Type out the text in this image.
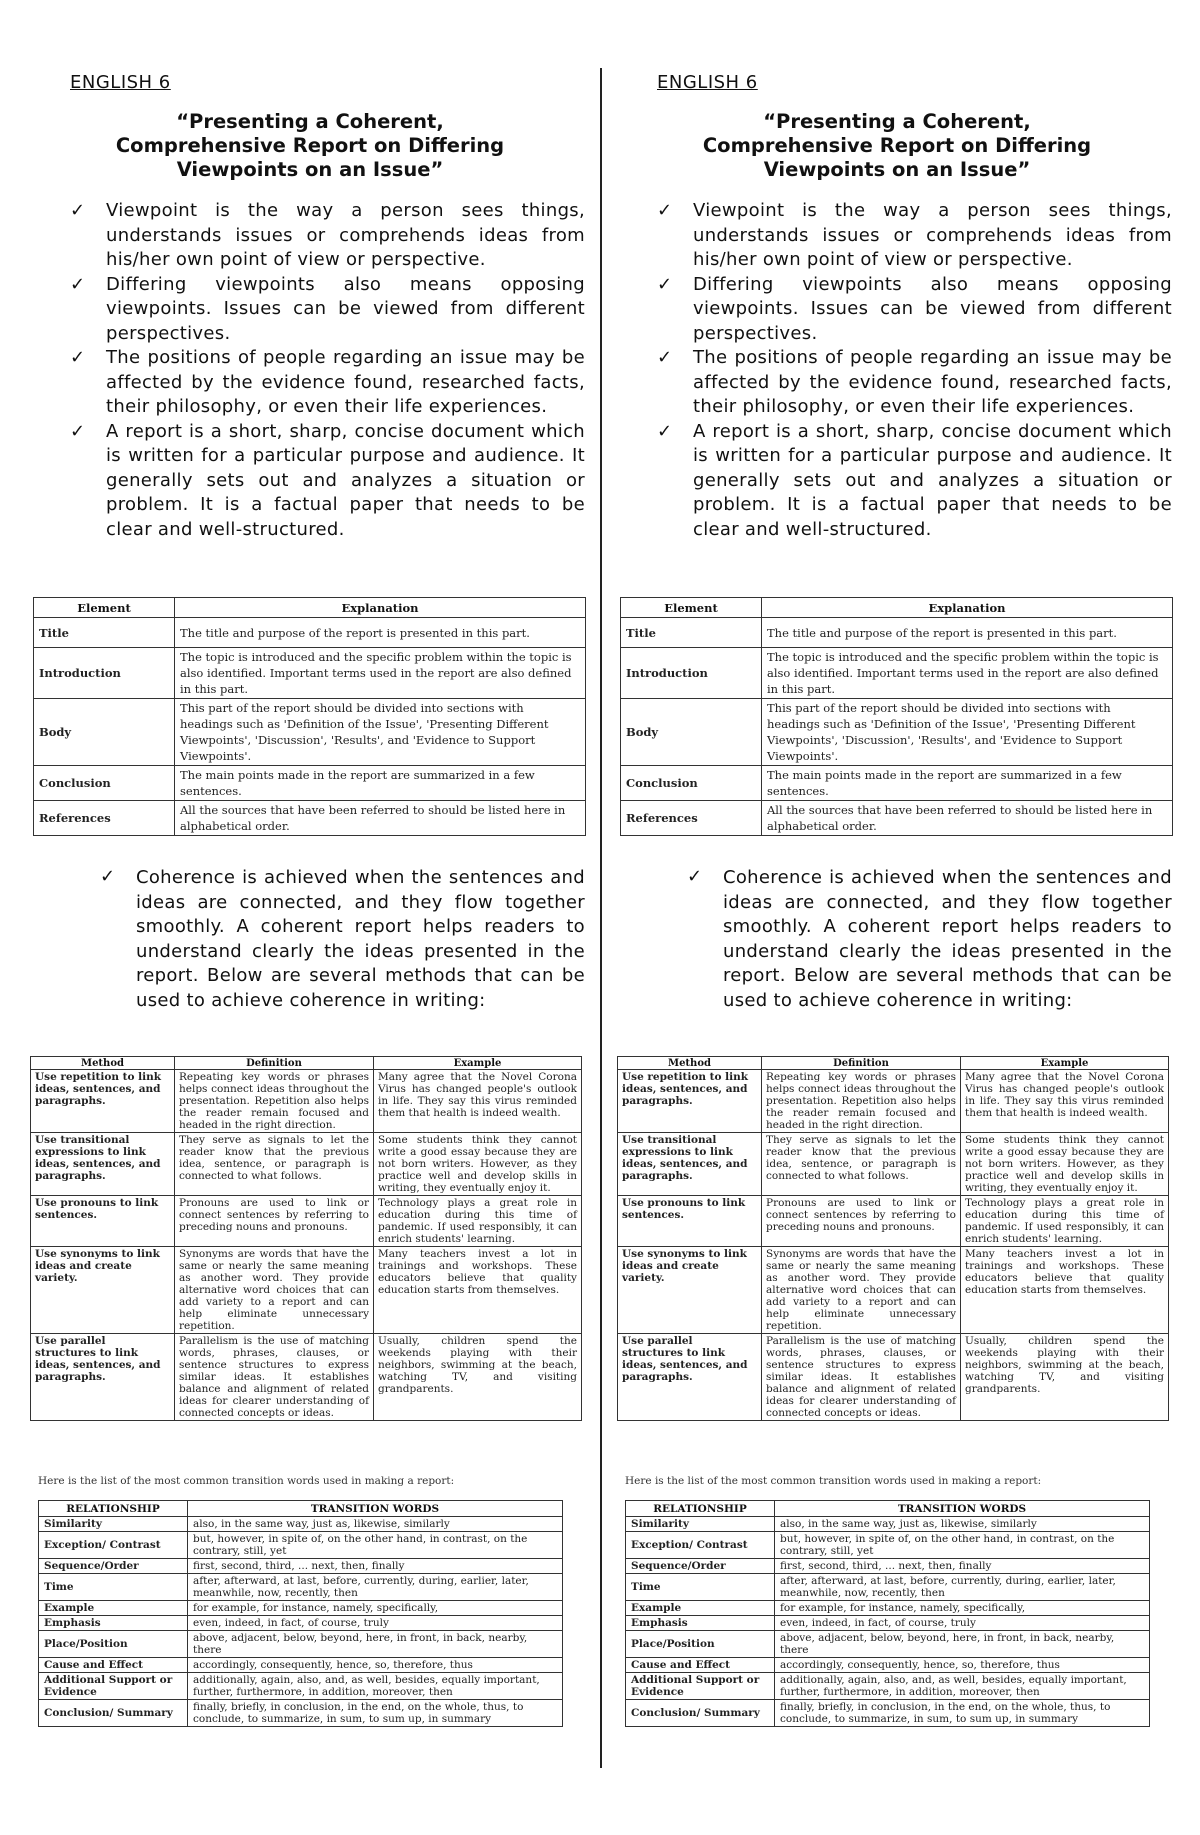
ENGLISH 6
“Presenting a Coherent, Comprehensive Report on Differing Viewpoints on an Issue”
✓ Viewpoint is the way a person sees things, understands issues or comprehends ideas from his/her own point of view or perspective.
✓ Differing viewpoints also means opposing viewpoints. Issues can be viewed from different perspectives.
✓ The positions of people regarding an issue may be affected by the evidence found, researched facts, their philosophy, or even their life experiences.
✓ A report is a short, sharp, concise document which is written for a particular purpose and audience. It generally sets out and analyzes a situation or problem. It is a factual paper that needs to be clear and well-structured.
Element	Explanation
Title	The title and purpose of the report is presented in this part.
Introduction	The topic is introduced and the specific problem within the topic is also identified. Important terms used in the report are also defined in this part.
Body	This part of the report should be divided into sections with headings such as 'Definition of the Issue', 'Presenting Different Viewpoints', 'Discussion', 'Results', and 'Evidence to Support Viewpoints'.
Conclusion	The main points made in the report are summarized in a few sentences.
References	All the sources that have been referred to should be listed here in alphabetical order.
✓	Coherence is achieved when the sentences and ideas are connected, and they flow together smoothly. A coherent report helps readers to understand clearly the ideas presented in the report. Below are several methods that can be used to achieve coherence in writing:

Method	Definition	Example
Use repetition to link ideas, sentences, and paragraphs.	Repeating key words or phrases helps connect ideas throughout the presentation. Repetition also helps the reader remain focused and headed in the right direction.	Many agree that the Novel Corona Virus has changed people's outlook in life. They say this virus reminded them that health is indeed wealth.
Use transitional expressions to link ideas, sentences, and paragraphs.	They serve as signals to let the reader know that the previous idea, sentence, or paragraph is connected to what follows.	Some students think they cannot write a good essay because they are not born writers. However, as they practice well and develop skills in writing, they eventually enjoy it.
Use pronouns to link sentences.	Pronouns are used to link or connect sentences by referring to preceding nouns and pronouns.	Technology plays a great role in education during this time of pandemic. If used responsibly, it can enrich students' learning.
Use synonyms to link ideas and create variety.	Synonyms are words that have the same or nearly the same meaning as another word. They provide alternative word choices that can add variety to a report and can help eliminate unnecessary repetition.	Many teachers invest a lot in trainings and workshops. These educators believe that quality education starts from themselves.
Use parallel structures to link ideas, sentences, and paragraphs.	Parallelism is the use of matching words, phrases, clauses, or sentence structures to express similar ideas. It establishes balance and alignment of related ideas for clearer understanding of connected concepts or ideas.	Usually, children spend the weekends playing with their neighbors, swimming at the beach, watching TV, and visiting grandparents.
Here is the list of the most common transition words used in making a report:
RELATIONSHIP	TRANSITION WORDS
Similarity	also, in the same way, just as, likewise, similarly
Exception/ Contrast	but, however, in spite of, on the other hand, in contrast, on the contrary, still, yet
Sequence/Order	first, second, third, ... next, then, finally
Time	after, afterward, at last, before, currently, during, earlier, later, meanwhile, now, recently, then
Example	for example, for instance, namely, specifically,
Emphasis	even, indeed, in fact, of course, truly
Place/Position	above, adjacent, below, beyond, here, in front, in back, nearby, there
Cause and Effect	accordingly, consequently, hence, so, therefore, thus
Additional Support or Evidence	additionally, again, also, and, as well, besides, equally important, further, furthermore, in addition, moreover, then
Conclusion/ Summary	finally, briefly, in conclusion, in the end, on the whole, thus, to conclude, to summarize, in sum, to sum up, in summary
ENGLISH 6
“Presenting a Coherent, Comprehensive Report on Differing Viewpoints on an Issue”
✓ Viewpoint is the way a person sees things, understands issues or comprehends ideas from his/her own point of view or perspective.
✓ Differing viewpoints also means opposing viewpoints. Issues can be viewed from different perspectives.
✓ The positions of people regarding an issue may be affected by the evidence found, researched facts, their philosophy, or even their life experiences.
✓ A report is a short, sharp, concise document which is written for a particular purpose and audience. It generally sets out and analyzes a situation or problem. It is a factual paper that needs to be clear and well-structured.
Element	Explanation
Title	The title and purpose of the report is presented in this part.
Introduction	The topic is introduced and the specific problem within the topic is also identified. Important terms used in the report are also defined in this part.
Body	This part of the report should be divided into sections with headings such as 'Definition of the Issue', 'Presenting Different Viewpoints', 'Discussion', 'Results', and 'Evidence to Support Viewpoints'.
Conclusion	The main points made in the report are summarized in a few sentences.
References	All the sources that have been referred to should be listed here in alphabetical order.
✓	Coherence is achieved when the sentences and ideas are connected, and they flow together smoothly. A coherent report helps readers to understand clearly the ideas presented in the report. Below are several methods that can be used to achieve coherence in writing:

Method	Definition	Example
Use repetition to link ideas, sentences, and paragraphs.	Repeating key words or phrases helps connect ideas throughout the presentation. Repetition also helps the reader remain focused and headed in the right direction.	Many agree that the Novel Corona Virus has changed people's outlook in life. They say this virus reminded them that health is indeed wealth.
Use transitional expressions to link ideas, sentences, and paragraphs.	They serve as signals to let the reader know that the previous idea, sentence, or paragraph is connected to what follows.	Some students think they cannot write a good essay because they are not born writers. However, as they practice well and develop skills in writing, they eventually enjoy it.
Use pronouns to link sentences.	Pronouns are used to link or connect sentences by referring to preceding nouns and pronouns.	Technology plays a great role in education during this time of pandemic. If used responsibly, it can enrich students' learning.
Use synonyms to link ideas and create variety.	Synonyms are words that have the same or nearly the same meaning as another word. They provide alternative word choices that can add variety to a report and can help eliminate unnecessary repetition.	Many teachers invest a lot in trainings and workshops. These educators believe that quality education starts from themselves.
Use parallel structures to link ideas, sentences, and paragraphs.	Parallelism is the use of matching words, phrases, clauses, or sentence structures to express similar ideas. It establishes balance and alignment of related ideas for clearer understanding of connected concepts or ideas.	Usually, children spend the weekends playing with their neighbors, swimming at the beach, watching TV, and visiting grandparents.
Here is the list of the most common transition words used in making a report:
RELATIONSHIP	TRANSITION WORDS
Similarity	also, in the same way, just as, likewise, similarly
Exception/ Contrast	but, however, in spite of, on the other hand, in contrast, on the contrary, still, yet
Sequence/Order	first, second, third, ... next, then, finally
Time	after, afterward, at last, before, currently, during, earlier, later, meanwhile, now, recently, then
Example	for example, for instance, namely, specifically,
Emphasis	even, indeed, in fact, of course, truly
Place/Position	above, adjacent, below, beyond, here, in front, in back, nearby, there
Cause and Effect	accordingly, consequently, hence, so, therefore, thus
Additional Support or Evidence	additionally, again, also, and, as well, besides, equally important, further, furthermore, in addition, moreover, then
Conclusion/ Summary	finally, briefly, in conclusion, in the end, on the whole, thus, to conclude, to summarize, in sum, to sum up, in summary
